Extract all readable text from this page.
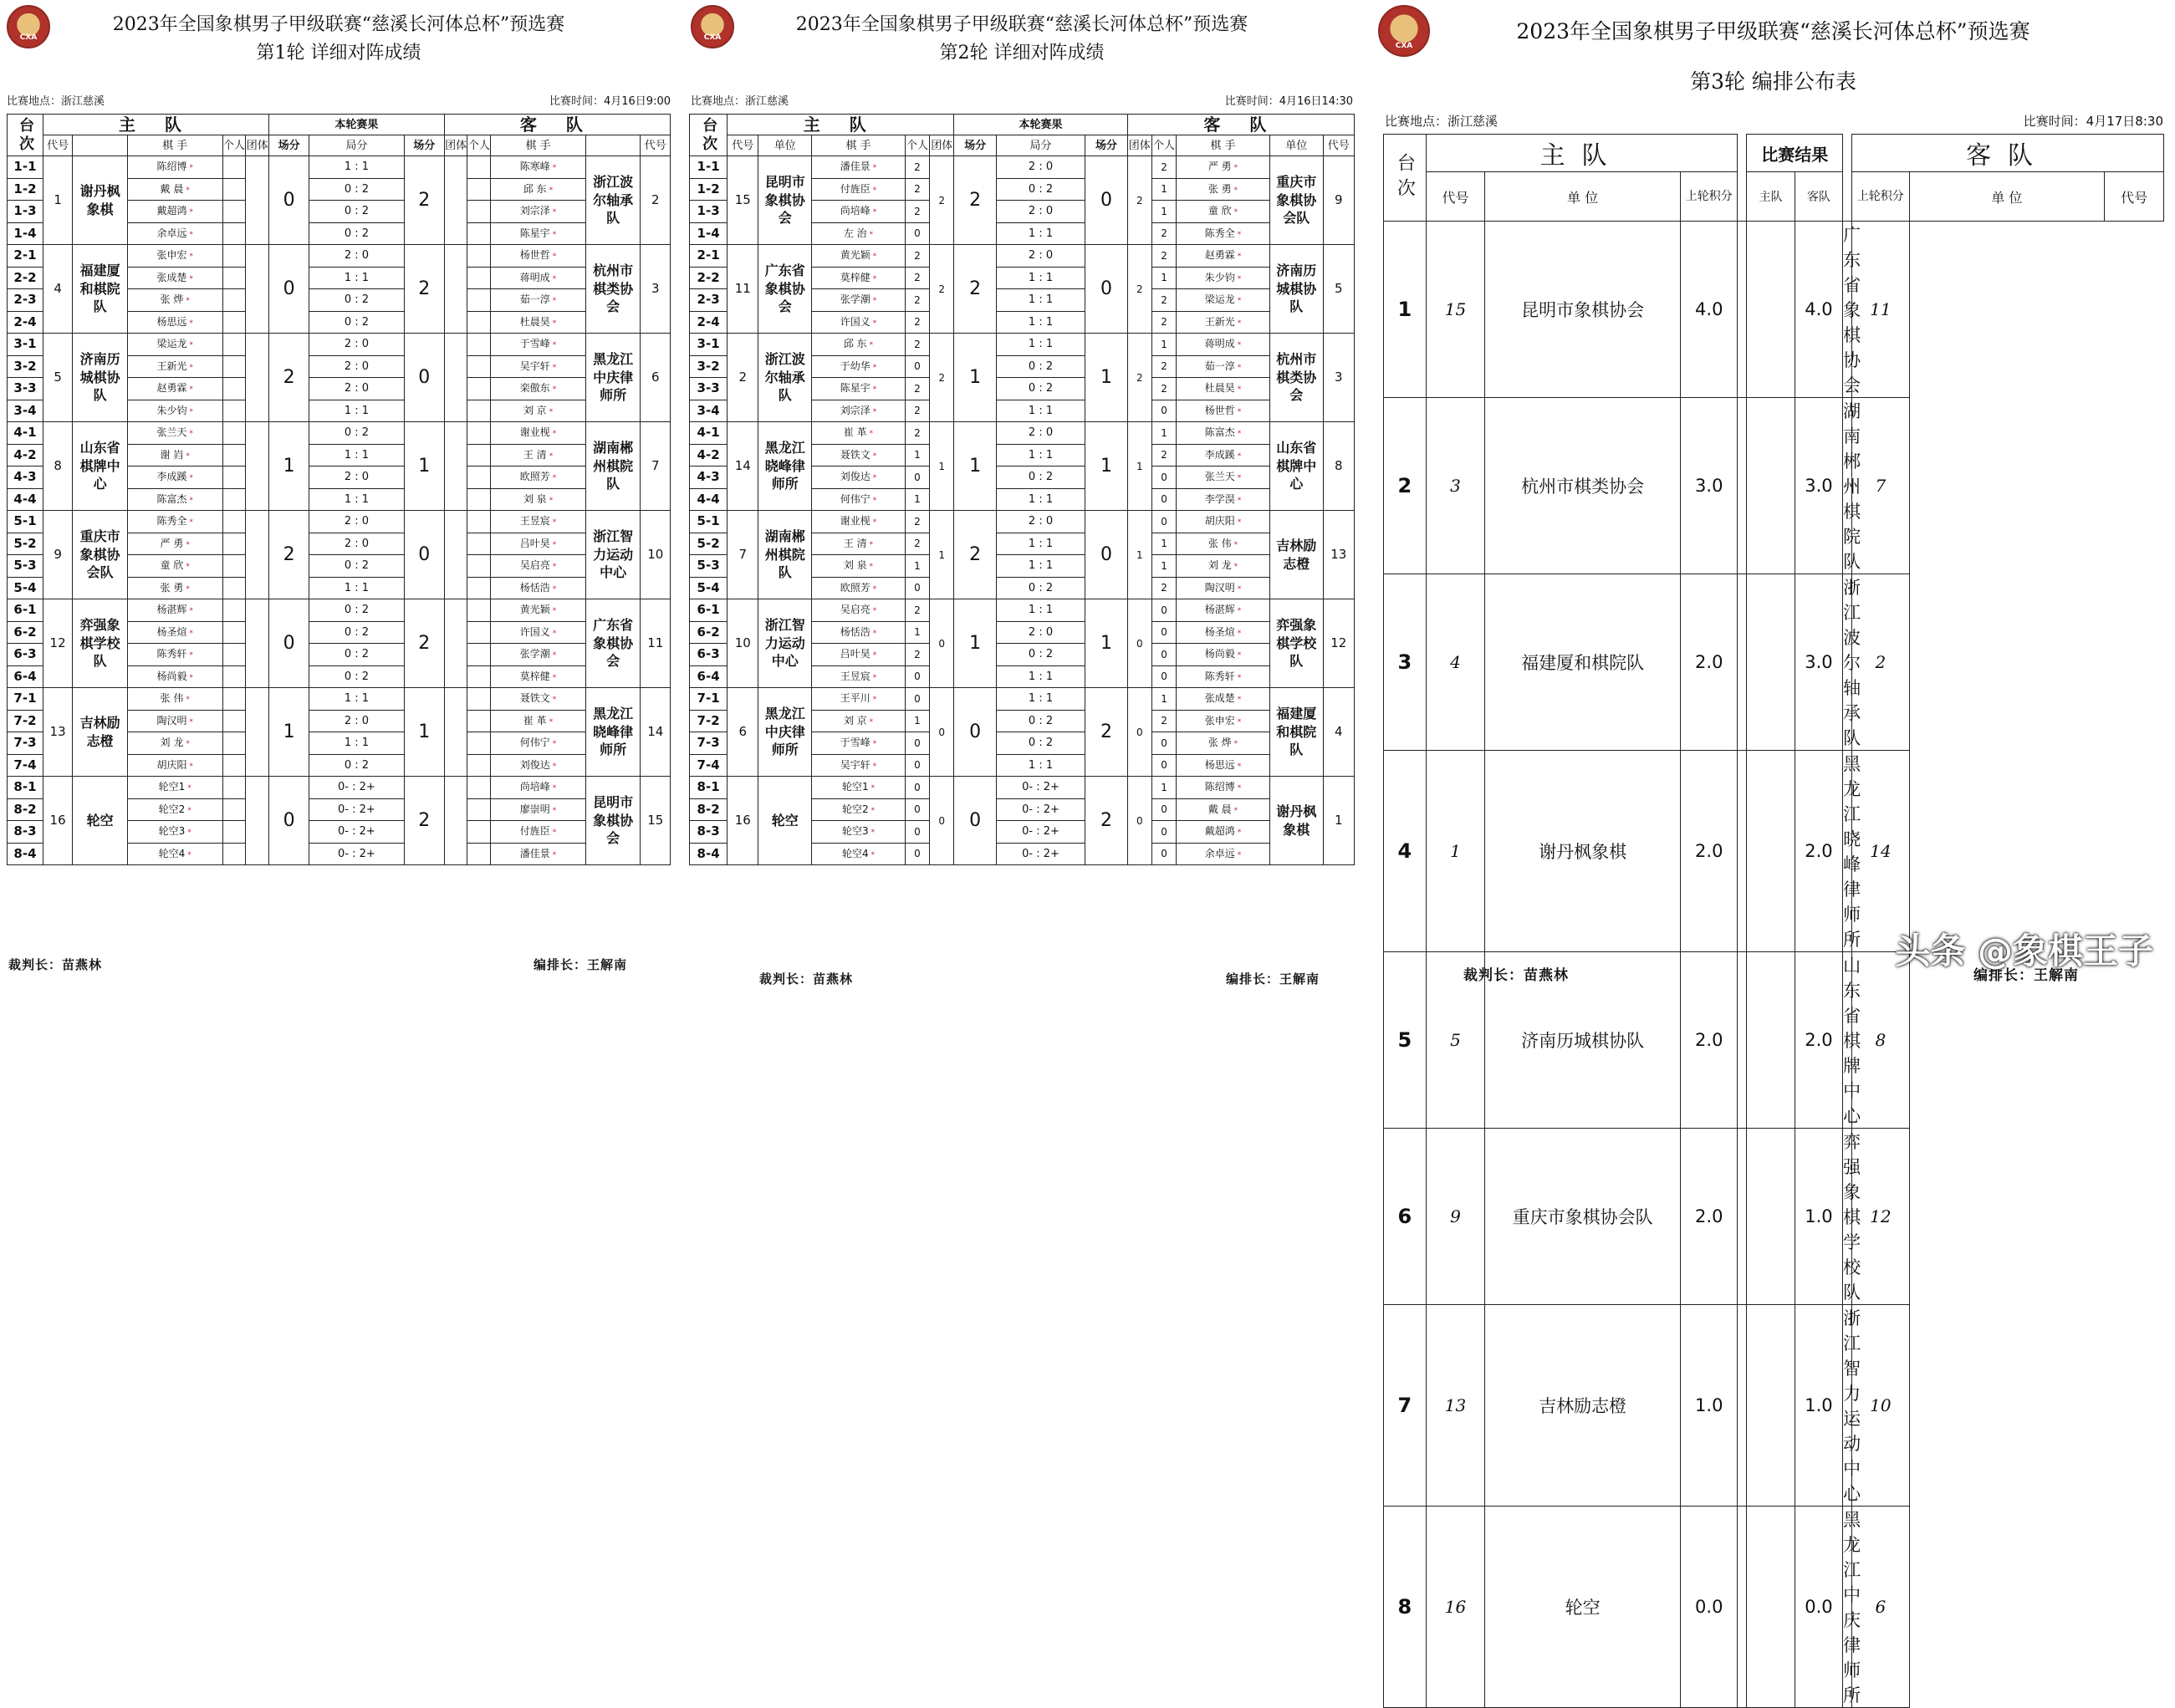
CXA
2023年全国象棋男子甲级联赛“慈溪长河体总杯”预选赛
第1轮 详细对阵成绩
比赛地点：浙江慈溪	比赛时间：4月16日9:00
台次	主 队					本轮赛果			客 队				
	代号		棋 手	个人	团体	场分	局分	场分	团体	个人	棋 手		代号
1-1	1	谢丹枫象棋	陈绍博 *			0	1 : 1	2			陈寒峰 *	浙江波尔轴承队	2
1-2			戴 晨 *				0 : 2				邱 东 *		
1-3			戴超鸿 *				0 : 2				刘宗泽 *		
1-4			余卓远 *				0 : 2				陈星宇 *		
2-1	4	福建厦和棋院队	张申宏 *			0	2 : 0	2			杨世哲 *	杭州市棋类协会	3
2-2			张成楚 *				1 : 1				蒋明成 *		
2-3			张 烨 *				0 : 2				茹一淳 *		
2-4			杨思远 *				0 : 2				杜晨昊 *		
3-1	5	济南历城棋协队	梁运龙 *			2	2 : 0	0			于雪峰 *	黑龙江中庆律师所	6
3-2			王新光 *				2 : 0				吴宇轩 *		
3-3			赵勇霖 *				2 : 0				栾傲东 *		
3-4			朱少钧 *				1 : 1				刘 京 *		
4-1	8	山东省棋牌中心	张兰天 *			1	0 : 2	1			谢业枧 *	湖南郴州棋院队	7
4-2			谢 岿 *				1 : 1				王 清 *		
4-3			李成蹊 *				2 : 0				欧照芳 *		
4-4			陈富杰 *				1 : 1				刘 泉 *		
5-1	9	重庆市象棋协会队	陈秀全 *			2	2 : 0	0			王昱宸 *	浙江智力运动中心	10
5-2			严 勇 *				2 : 0				吕叶昊 *		
5-3			童 欣 *				0 : 2				吴启亮 *		
5-4			张 勇 *				1 : 1				杨恬浩 *		
6-1	12	弈强象棋学校队	杨湛辉 *			0	0 : 2	2			黄光颖 *	广东省象棋协会	11
6-2			杨圣煊 *				0 : 2				许国义 *		
6-3			陈秀轩 *				0 : 2				张学潮 *		
6-4			杨尚毅 *				0 : 2				莫梓健 *		
7-1	13	吉林励志橙	张 伟 *			1	1 : 1	1			聂铁文 *	黑龙江晓峰律师所	14
7-2			陶汉明 *				2 : 0				崔 革 *		
7-3			刘 龙 *				1 : 1				何伟宁 *		
7-4			胡庆阳 *				0 : 2				刘俊达 *		
8-1	16	轮空	轮空1 *			0	0- : 2+	2			尚培峰 *	昆明市象棋协会	15
8-2			轮空2 *				0- : 2+				廖崇明 *		
8-3			轮空3 *				0- : 2+				付旌臣 *		
8-4			轮空4 *				0- : 2+				潘佳景 *		
裁判长：苗燕林	编排长：王解南
CXA
2023年全国象棋男子甲级联赛“慈溪长河体总杯”预选赛
第2轮 详细对阵成绩
比赛地点：浙江慈溪	比赛时间：4月16日14:30
台次	主 队					本轮赛果			客 队				
	代号	单位	棋 手	个人	团体	场分	局分	场分	团体	个人	棋 手	单位	代号
1-1	15	昆明市象棋协会	潘佳景 *	2	2	2	2 : 0	0	2	2	严 勇 *	重庆市象棋协会队	9
1-2			付旌臣 *	2			0 : 2			1	张 勇 *		
1-3			尚培峰 *	2			2 : 0			1	童 欣 *		
1-4			左 治 *	0			1 : 1			2	陈秀全 *		
2-1	11	广东省象棋协会	黄光颖 *	2	2	2	2 : 0	0	2	2	赵勇霖 *	济南历城棋协队	5
2-2			莫梓健 *	2			1 : 1			1	朱少钧 *		
2-3			张学潮 *	2			1 : 1			2	梁运龙 *		
2-4			许国义 *	2			1 : 1			2	王新光 *		
3-1	2	浙江波尔轴承队	邱 东 *	2	2	1	1 : 1	1	2	1	蒋明成 *	杭州市棋类协会	3
3-2			于幼华 *	0			0 : 2			2	茹一淳 *		
3-3			陈星宇 *	2			0 : 2			2	杜晨昊 *		
3-4			刘宗泽 *	2			1 : 1			0	杨世哲 *		
4-1	14	黑龙江晓峰律师所	崔 革 *	2	1	1	2 : 0	1	1	1	陈富杰 *	山东省棋牌中心	8
4-2			聂铁文 *	1			1 : 1			2	李成蹊 *		
4-3			刘俊达 *	0			0 : 2			0	张兰天 *		
4-4			何伟宁 *	1			1 : 1			0	李学淏 *		
5-1	7	湖南郴州棋院队	谢业枧 *	2	1	2	2 : 0	0	1	0	胡庆阳 *	吉林励志橙	13
5-2			王 清 *	2			1 : 1			1	张 伟 *		
5-3			刘 泉 *	1			1 : 1			1	刘 龙 *		
5-4			欧照芳 *	0			0 : 2			2	陶汉明 *		
6-1	10	浙江智力运动中心	吴启亮 *	2	0	1	1 : 1	1	0	0	杨湛辉 *	弈强象棋学校队	12
6-2			杨恬浩 *	1			2 : 0			0	杨圣煊 *		
6-3			吕叶昊 *	2			0 : 2			0	杨尚毅 *		
6-4			王昱宸 *	0			1 : 1			0	陈秀轩 *		
7-1	6	黑龙江中庆律师所	王平川 *	0	0	0	1 : 1	2	0	1	张成楚 *	福建厦和棋院队	4
7-2			刘 京 *	1			0 : 2			2	张申宏 *		
7-3			于雪峰 *	0			0 : 2			0	张 烨 *		
7-4			吴宇轩 *	0			1 : 1			0	杨思远 *		
8-1	16	轮空	轮空1 *	0	0	0	0- : 2+	2	0	1	陈绍博 *	谢丹枫象棋	1
8-2			轮空2 *	0			0- : 2+			0	戴 晨 *		
8-3			轮空3 *	0			0- : 2+			0	戴超鸿 *		
8-4			轮空4 *	0			0- : 2+			0	余卓远 *		
裁判长：苗燕林	编排长：王解南
CXA
2023年全国象棋男子甲级联赛“慈溪长河体总杯”预选赛
第3轮 编排公布表
比赛地点：浙江慈溪	比赛时间：4月17日8:30
台次	主队				比赛结果			客队		
	代号	单 位	上轮积分		主队	客队		上轮积分	单 位	代号
1	15	昆明市象棋协会	4.0			4.0	广东省象棋协会	11		
2	3	杭州市棋类协会	3.0			3.0	湖南郴州棋院队	7		
3	4	福建厦和棋院队	2.0			3.0	浙江波尔轴承队	2		
4	1	谢丹枫象棋	2.0			2.0	黑龙江晓峰律师所	14		
5	5	济南历城棋协队	2.0			2.0	山东省棋牌中心	8		
6	9	重庆市象棋协会队	2.0			1.0	弈强象棋学校队	12		
7	13	吉林励志橙	1.0			1.0	浙江智力运动中心	10		
8	16	轮空	0.0			0.0	黑龙江中庆律师所	6		
裁判长：苗燕林	编排长：王解南
头条 @象棋王子
